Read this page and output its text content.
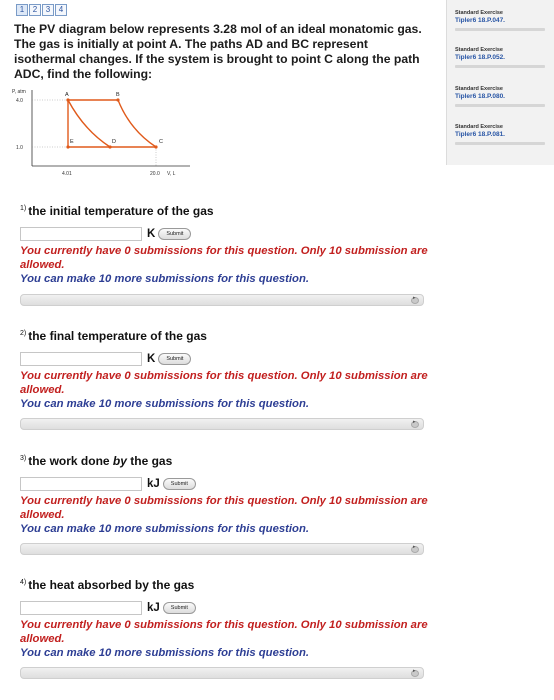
1	2	3	4
The PV diagram below represents 3.28 mol of an ideal monatomic gas. The gas is initially at point A. The paths AD and BC represent isothermal changes. If the system is brought to point C along the path ADC, find the following:
P, atm
4.0
1.0
4.01	20.0 V, L
A	B
E	D	C
Standard Exercise
Tipler6 18.P.047.
Standard Exercise
Tipler6 18.P.052.
Standard Exercise
Tipler6 18.P.080.
Standard Exercise
Tipler6 18.P.081.
$^{1)}$ the initial temperature of the gas
K	Submit
You currently have 0 submissions for this question. Only 10 submission are allowed.
You can make 10 more submissions for this question.
▸
$^{2)}$ the final temperature of the gas
K	Submit
You currently have 0 submissions for this question. Only 10 submission are allowed.
You can make 10 more submissions for this question.
▸
$^{3)}$ the work done by the gas
kJ	Submit
You currently have 0 submissions for this question. Only 10 submission are allowed.
You can make 10 more submissions for this question.
▸
$^{4)}$ the heat absorbed by the gas
kJ	Submit
You currently have 0 submissions for this question. Only 10 submission are allowed.
You can make 10 more submissions for this question.
▸
